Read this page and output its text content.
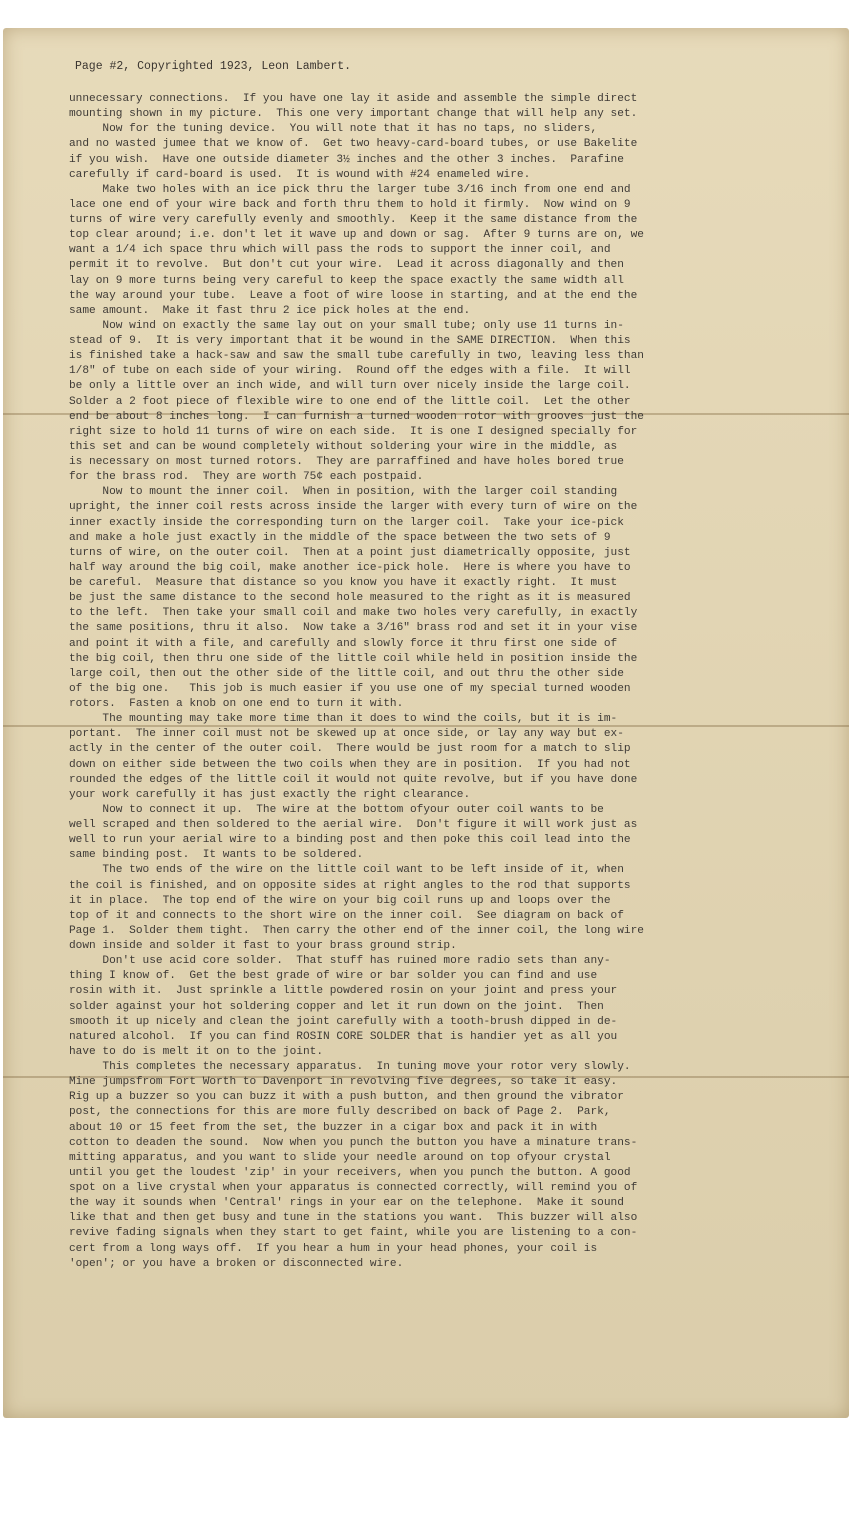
Page #2, Copyrighted 1923, Leon Lambert.
unnecessary connections.  If you have one lay it aside and assemble the simple direct
mounting shown in my picture.  This one very important change that will help any set.
Now for the tuning device.  You will note that it has no taps, no sliders,
and no wasted jumee that we know of.  Get two heavy-card-board tubes, or use Bakelite
if you wish.  Have one outside diameter 3½ inches and the other 3 inches.  Parafine
carefully if card-board is used.  It is wound with #24 enameled wire.
Make two holes with an ice pick thru the larger tube 3/16 inch from one end and
lace one end of your wire back and forth thru them to hold it firmly.  Now wind on 9
turns of wire very carefully evenly and smoothly.  Keep it the same distance from the
top clear around; i.e. don't let it wave up and down or sag.  After 9 turns are on, we
want a 1/4 ich space thru which will pass the rods to support the inner coil, and
permit it to revolve.  But don't cut your wire.  Lead it across diagonally and then
lay on 9 more turns being very careful to keep the space exactly the same width all
the way around your tube.  Leave a foot of wire loose in starting, and at the end the
same amount.  Make it fast thru 2 ice pick holes at the end.
Now wind on exactly the same lay out on your small tube; only use 11 turns in-
stead of 9.  It is very important that it be wound in the SAME DIRECTION.  When this
is finished take a hack-saw and saw the small tube carefully in two, leaving less than
1/8" of tube on each side of your wiring.  Round off the edges with a file.  It will
be only a little over an inch wide, and will turn over nicely inside the large coil.
Solder a 2 foot piece of flexible wire to one end of the little coil.  Let the other
end be about 8 inches long.  I can furnish a turned wooden rotor with grooves just the
right size to hold 11 turns of wire on each side.  It is one I designed specially for
this set and can be wound completely without soldering your wire in the middle, as
is necessary on most turned rotors.  They are parraffined and have holes bored true
for the brass rod.  They are worth 75¢ each postpaid.
Now to mount the inner coil.  When in position, with the larger coil standing
upright, the inner coil rests across inside the larger with every turn of wire on the
inner exactly inside the corresponding turn on the larger coil.  Take your ice-pick
and make a hole just exactly in the middle of the space between the two sets of 9
turns of wire, on the outer coil.  Then at a point just diametrically opposite, just
half way around the big coil, make another ice-pick hole.  Here is where you have to
be careful.  Measure that distance so you know you have it exactly right.  It must
be just the same distance to the second hole measured to the right as it is measured
to the left.  Then take your small coil and make two holes very carefully, in exactly
the same positions, thru it also.  Now take a 3/16" brass rod and set it in your vise
and point it with a file, and carefully and slowly force it thru first one side of
the big coil, then thru one side of the little coil while held in position inside the
large coil, then out the other side of the little coil, and out thru the other side
of the big one.   This job is much easier if you use one of my special turned wooden
rotors.  Fasten a knob on one end to turn it with.
The mounting may take more time than it does to wind the coils, but it is im-
portant.  The inner coil must not be skewed up at once side, or lay any way but ex-
actly in the center of the outer coil.  There would be just room for a match to slip
down on either side between the two coils when they are in position.  If you had not
rounded the edges of the little coil it would not quite revolve, but if you have done
your work carefully it has just exactly the right clearance.
Now to connect it up.  The wire at the bottom ofyour outer coil wants to be
well scraped and then soldered to the aerial wire.  Don't figure it will work just as
well to run your aerial wire to a binding post and then poke this coil lead into the
same binding post.  It wants to be soldered.
The two ends of the wire on the little coil want to be left inside of it, when
the coil is finished, and on opposite sides at right angles to the rod that supports
it in place.  The top end of the wire on your big coil runs up and loops over the
top of it and connects to the short wire on the inner coil.  See diagram on back of
Page 1.  Solder them tight.  Then carry the other end of the inner coil, the long wire
down inside and solder it fast to your brass ground strip.
Don't use acid core solder.  That stuff has ruined more radio sets than any-
thing I know of.  Get the best grade of wire or bar solder you can find and use
rosin with it.  Just sprinkle a little powdered rosin on your joint and press your
solder against your hot soldering copper and let it run down on the joint.  Then
smooth it up nicely and clean the joint carefully with a tooth-brush dipped in de-
natured alcohol.  If you can find ROSIN CORE SOLDER that is handier yet as all you
have to do is melt it on to the joint.
This completes the necessary apparatus.  In tuning move your rotor very slowly.
Mine jumpsfrom Fort Worth to Davenport in revolving five degrees, so take it easy.
Rig up a buzzer so you can buzz it with a push button, and then ground the vibrator
post, the connections for this are more fully described on back of Page 2.  Park,
about 10 or 15 feet from the set, the buzzer in a cigar box and pack it in with
cotton to deaden the sound.  Now when you punch the button you have a minature trans-
mitting apparatus, and you want to slide your needle around on top ofyour crystal
until you get the loudest 'zip' in your receivers, when you punch the button. A good
spot on a live crystal when your apparatus is connected correctly, will remind you of
the way it sounds when 'Central' rings in your ear on the telephone.  Make it sound
like that and then get busy and tune in the stations you want.  This buzzer will also
revive fading signals when they start to get faint, while you are listening to a con-
cert from a long ways off.  If you hear a hum in your head phones, your coil is
'open'; or you have a broken or disconnected wire.
